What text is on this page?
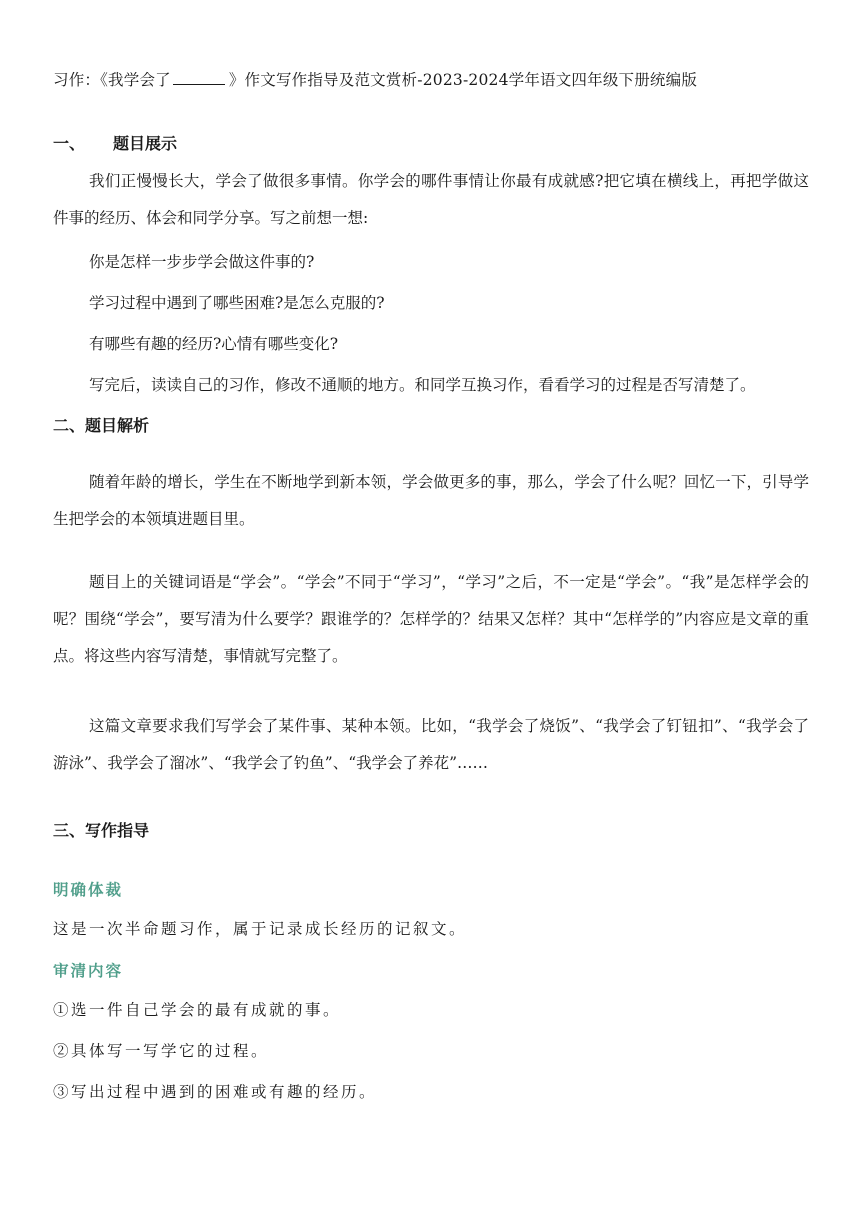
习作：《我学会了	》作文写作指导及范文赏析-2023-2024学年语文四年级下册统编版
一、 题目展示

我们正慢慢长大，学会了做很多事情。你学会的哪件事情让你最有成就感?把它填在横线上，再把学做这件事的经历、体会和同学分享。写之前想一想:

你是怎样一步步学会做这件事的?
学习过程中遇到了哪些困难?是怎么克服的?
有哪些有趣的经历?心情有哪些变化?
写完后，读读自己的习作，修改不通顺的地方。和同学互换习作，看看学习的过程是否写清楚了。
二、题目解析

随着年龄的增长，学生在不断地学到新本领，学会做更多的事，那么，学会了什么呢？回忆一下，引导学生把学会的本领填进题目里。

题目上的关键词语是“学会”。“学会”不同于“学习”，“学习”之后，不一定是“学会”。“我”是怎样学会的呢？围绕“学会”，要写清为什么要学？跟谁学的？怎样学的？结果又怎样？其中“怎样学的”内容应是文章的重点。将这些内容写清楚，事情就写完整了。

这篇文章要求我们写学会了某件事、某种本领。比如，“我学会了烧饭”、“我学会了钉钮扣”、“我学会了游泳”、我学会了溜冰”、“我学会了钓鱼”、“我学会了养花”……

三、写作指导
明确体裁
这是一次半命题习作，属于记录成长经历的记叙文。
审清内容
①选一件自己学会的最有成就的事。
②具体写一写学它的过程。
③写出过程中遇到的困难或有趣的经历。
